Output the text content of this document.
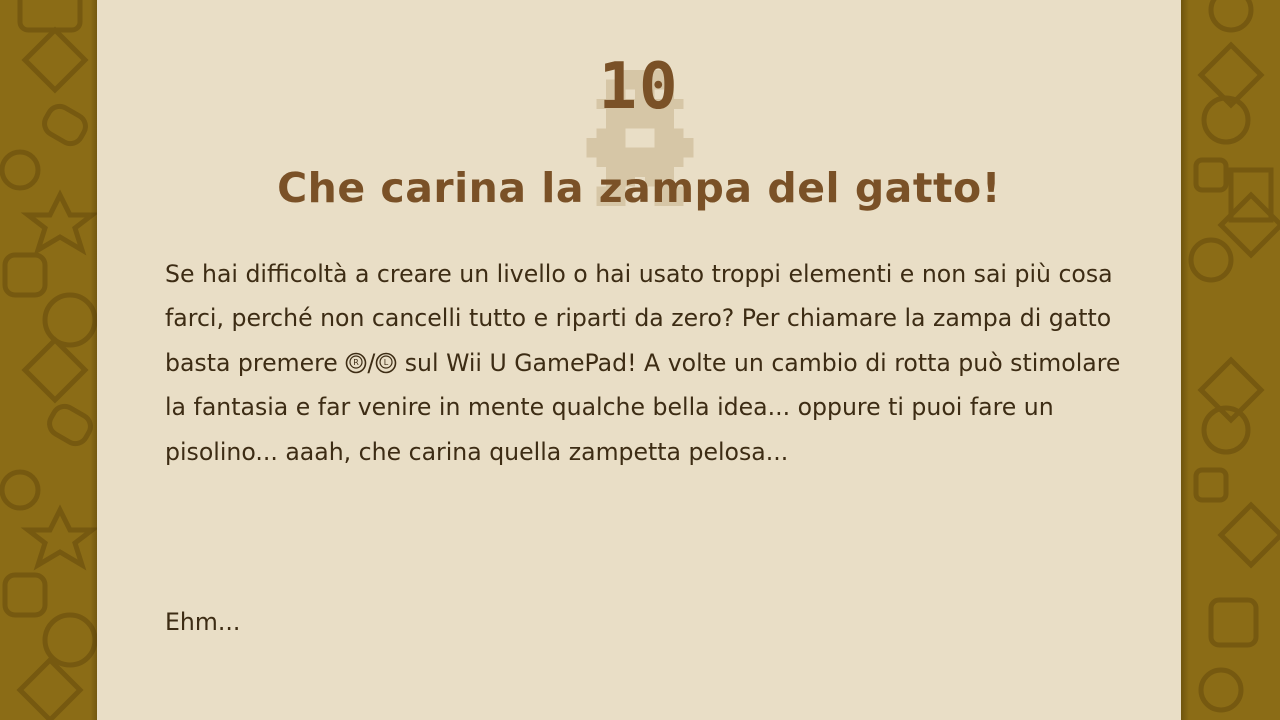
10
Che carina la zampa del gatto!
Se hai difficoltà a creare un livello o hai usato troppi elementi e non sai più cosa farci, perché non cancelli tutto e riparti da zero? Per chiamare la zampa di gatto basta premere R / L sul Wii U GamePad! A volte un cambio di rotta può stimolare la fantasia e far venire in mente qualche bella idea... oppure ti puoi fare un pisolino... aaah, che carina quella zampetta pelosa...
Ehm...
